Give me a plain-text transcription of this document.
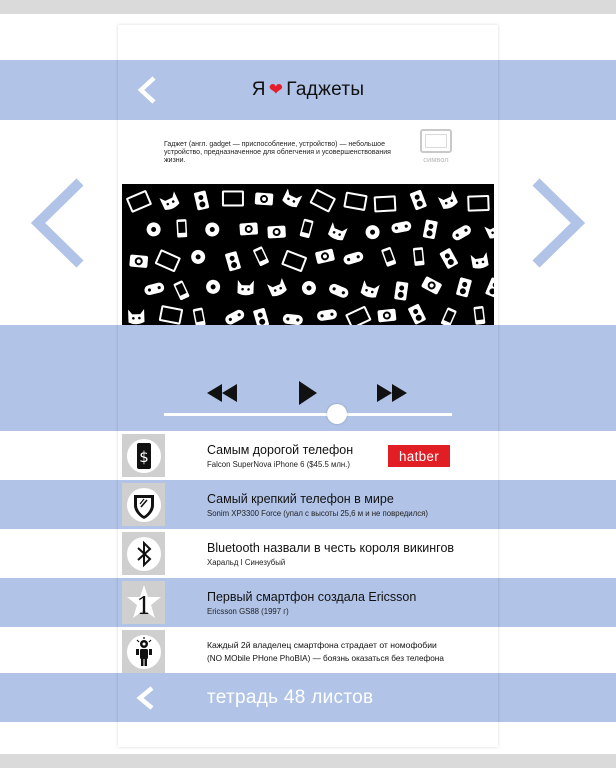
Я ❤ Гаджеты
Гаджет (англ. gadget — приспособление, устройство) — небольшое устройство, предназначенное для облегчения и усовершенствования жизни.	символ
$	Самым дорогой телефон
Falcon SuperNova iPhone 6 ($45.5 млн.)
hatber
Самый крепкий телефон в мире
Sonim XP3300 Force (упал с высоты 25,6 м и не повредился)
Bluetooth назвали в честь короля викингов
Харальд I Синезубый
1	Первый смартфон создала Ericsson
Ericsson GS88 (1997 г)
Каждый 2й владелец смартфона страдает от номофобии
(NO MObile PHone PhoBIA) — боязнь оказаться без телефона
тетрадь 48 листов
